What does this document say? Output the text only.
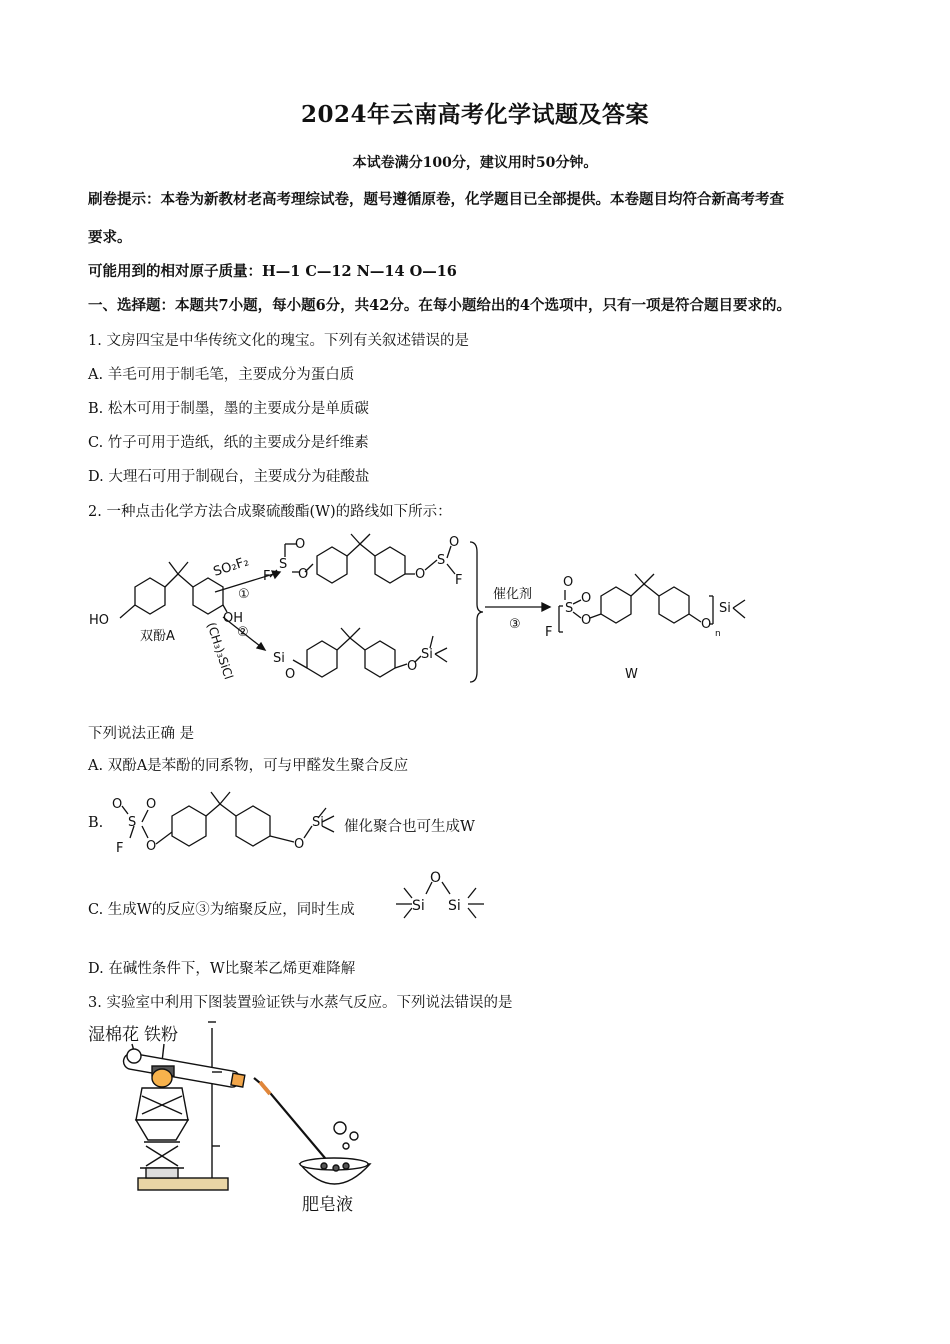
2024年云南高考化学试题及答案
本试卷满分100分，建议用时50分钟。
刷卷提示：本卷为新教材老高考理综试卷，题号遵循原卷，化学题目已全部提供。本卷题目均符合新高考考查
要求。
可能用到的相对原子质量：H—1 C—12 N—14 O—16
一、选择题：本题共7小题，每小题6分，共42分。在每小题给出的4个选项中，只有一项是符合题目要求的。
1. 文房四宝是中华传统文化的瑰宝。下列有关叙述错误的是
A. 羊毛可用于制毛笔，主要成分为蛋白质
B. 松木可用于制墨，墨的主要成分是单质碳
C. 竹子可用于造纸，纸的主要成分是纤维素
D. 大理石可用于制砚台，主要成分为硅酸盐
2. 一种点击化学方法合成聚硫酸酯(W)的路线如下所示：
HO	OH
双酚A
SO₂F₂
①
②
(CH₃)₃SiCl
F
S
O
O	O
S
O
F
Si
O
O
Si
催化剂
③
F
O
S
O
O	O
n
Si
W
下列说法正确 是
A. 双酚A是苯酚的同系物，可与甲醛发生聚合反应
B.
O
S
O
F O	O
Si 催化聚合也可生成W
C. 生成W的反应③为缩聚反应，同时生成	Si
O
Si
D. 在碱性条件下，W比聚苯乙烯更难降解
3. 实验室中利用下图装置验证铁与水蒸气反应。下列说法错误的是
湿棉花 铁粉
肥皂液
